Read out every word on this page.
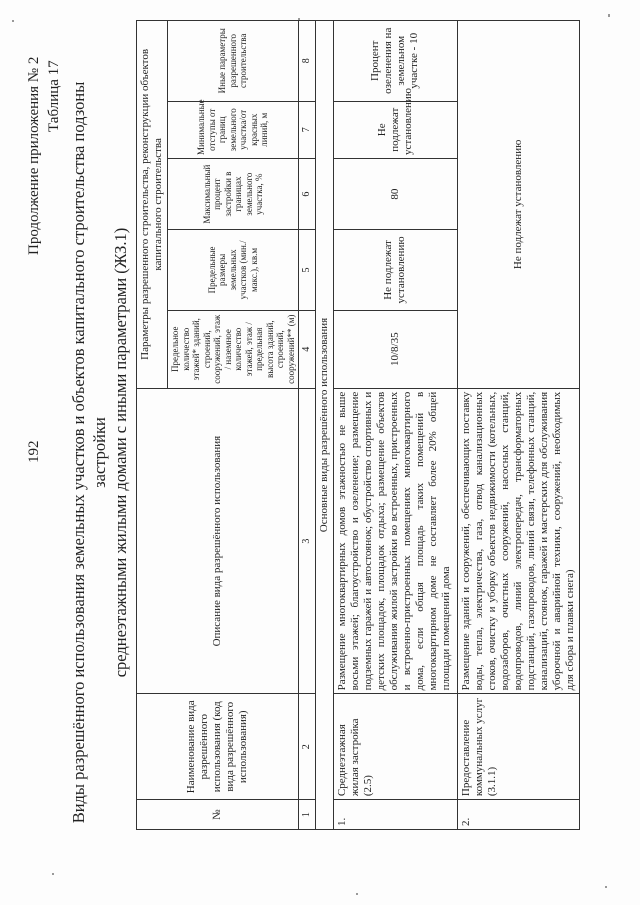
192
Продолжение приложения № 2 Таблица 17 Виды разрешённого использования земельных участков и объектов капитального строительства подзоны застройки среднеэтажными жилыми домами с иными параметрами (ЖЗ.1)
№	Наименование вида разрешённого использования (код вида разрешённого использования)	Описание вида разрешённого использования	Параметры разрешенного строительства, реконструкции объектов капитального строительства				
			Предельное количество этажей* зданий, строений, сооружений, этаж / наземное количество этажей, этаж / предельная высота зданий, строений, сооружений** (м)	Предельные размеры земельных участков (мин./макс.), кв.м	Максимальный процент застройки в границах земельного участка, %	Минимальные отступы от границ земельного участка/от красных линий, м	Иные параметры разрешенного строительства
1	2	3	4	5	6	7	8
Основные виды разрешённого использования							
1.	Среднеэтажная жилая застройка (2.5)	Размещение многоквартирных домов этажностью не выше восьми этажей; благоустройство и озеленение; размещение подземных гаражей и автостоянок; обустройство спортивных и детских площадок, площадок отдыха; размещение объектов обслуживания жилой застройки во встроенных, пристроенных и встроенно-пристроенных помещениях многоквартирного дома, если общая площадь таких помещений в многоквартирном доме не составляет более 20% общей площади помещений дома	10/8/35	Не подлежат установлению	80	Не подлежат установлению	Процент озеленения на земельном участке - 10
2.	Предоставление коммунальных услуг (3.1.1)	Размещение зданий и сооружений, обеспечивающих поставку воды, тепла, электричества, газа, отвод канализационных стоков, очистку и уборку объектов недвижимости (котельных, водозаборов, очистных сооружений, насосных станций, водопроводов, линий электропередач, трансформаторных подстанций, газопроводов, линий связи, телефонных станций, канализаций, стоянок, гаражей и мастерских для обслуживания уборочной и аварийной техники, сооружений, необходимых для сбора и плавки снега)	Не подлежат установлению				
